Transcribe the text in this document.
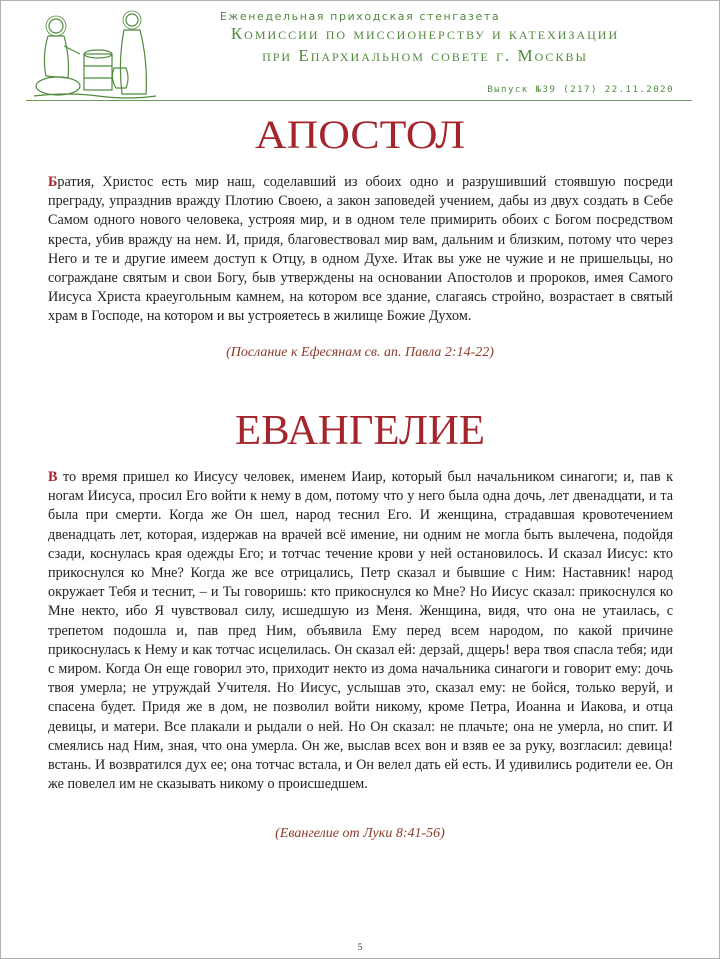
Еженедельная приходская стенгазета
Комиссии по миссионерству и катехизации
при Епархиальном совете г. Москвы
Выпуск №39 (217) 22.11.2020
АПОСТОЛ

Братия, Христос есть мир наш, соделавший из обоих одно и разрушивший стоявшую посреди преграду, упразднив вражду Плотию Своею, а закон заповедей учением, дабы из двух создать в Себе Самом одного нового человека, устрояя мир, и в одном теле примирить обоих с Богом посредством креста, убив вражду на нем. И, придя, благовествовал мир вам, дальним и близким, потому что через Него и те и другие имеем доступ к Отцу, в одном Духе. Итак вы уже не чужие и не пришельцы, но сограждане святым и свои Богу, быв утверждены на основании Апостолов и пророков, имея Самого Иисуса Христа краеугольным камнем, на котором все здание, слагаясь стройно, возрастает в святый храм в Господе, на котором и вы устрояетесь в жилище Божие Духом.

(Послание к Ефесянам св. ап. Павла 2:14-22)
ЕВАНГЕЛИЕ

В то время пришел ко Иисусу человек, именем Иаир, который был начальником синагоги; и, пав к ногам Иисуса, просил Его войти к нему в дом, потому что у него была одна дочь, лет двенадцати, и та была при смерти. Когда же Он шел, народ теснил Его. И женщина, страдавшая кровотечением двенадцать лет, которая, издержав на врачей всё имение, ни одним не могла быть вылечена, подойдя сзади, коснулась края одежды Его; и тотчас течение крови у ней остановилось. И сказал Иисус: кто прикоснулся ко Мне? Когда же все отрицались, Петр сказал и бывшие с Ним: Наставник! народ окружает Тебя и теснит, – и Ты говоришь: кто прикоснулся ко Мне? Но Иисус сказал: прикоснулся ко Мне некто, ибо Я чувствовал силу, исшедшую из Меня. Женщина, видя, что она не утаилась, с трепетом подошла и, пав пред Ним, объявила Ему перед всем народом, по какой причине прикоснулась к Нему и как тотчас исцелилась. Он сказал ей: дерзай, дщерь! вера твоя спасла тебя; иди с миром. Когда Он еще говорил это, приходит некто из дома начальника синагоги и говорит ему: дочь твоя умерла; не утруждай Учителя. Но Иисус, услышав это, сказал ему: не бойся, только веруй, и спасена будет. Придя же в дом, не позволил войти никому, кроме Петра, Иоанна и Иакова, и отца девицы, и матери. Все плакали и рыдали о ней. Но Он сказал: не плачьте; она не умерла, но спит. И смеялись над Ним, зная, что она умерла. Он же, выслав всех вон и взяв ее за руку, возгласил: девица! встань. И возвратился дух ее; она тотчас встала, и Он велел дать ей есть. И удивились родители ее. Он же повелел им не сказывать никому о происшедшем.

(Евангелие от Луки 8:41-56)
5
